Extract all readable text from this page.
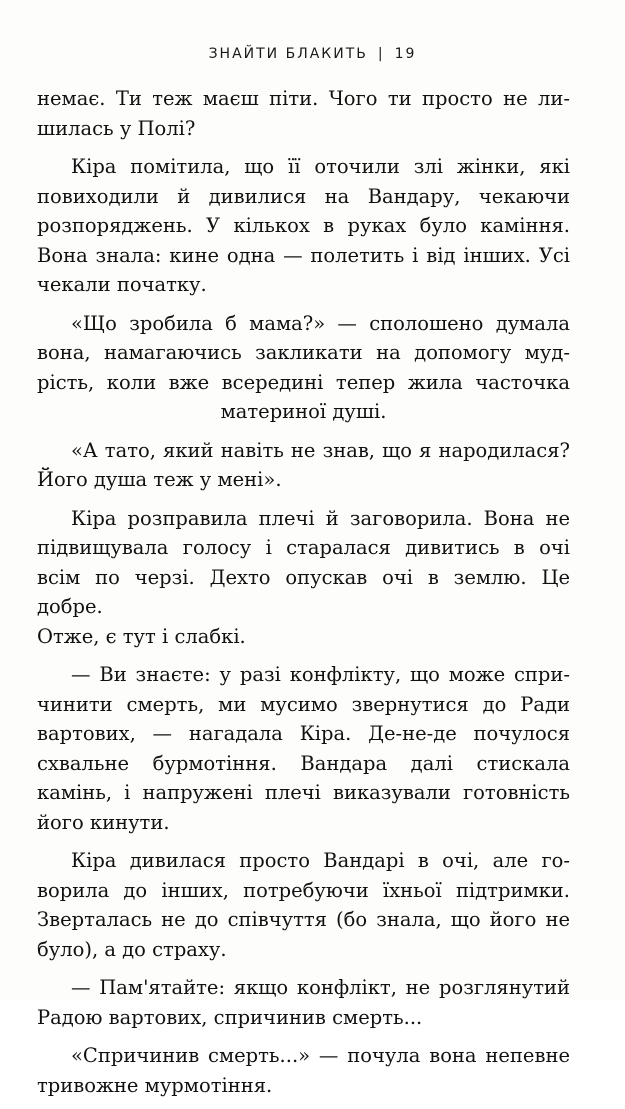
ЗНАЙТИ БЛАКИТЬ | 19
немає. Ти теж маєш піти. Чого ти просто не ли-
шилась у Полі?
Кіра помітила, що її оточили злі жінки, які
повиходили й дивилися на Вандару, чекаючи
розпоряджень. У кількох в руках було каміння.
Вона знала: кине одна — полетить і від інших. Усі
чекали початку.
«Що зробила б мама?» — сполошено думала
вона, намагаючись закликати на допомогу муд-
рість, коли вже всередині тепер жила часточка
материної душі.
«А тато, який навіть не знав, що я народилася?
Його душа теж у мені».
Кіра розправила плечі й заговорила. Вона не
підвищувала голосу і старалася дивитись в очі
всім по черзі. Дехто опускав очі в землю. Це добре.
Отже, є тут і слабкі.
— Ви знаєте: у разі конфлікту, що може спри-
чинити смерть, ми мусимо звернутися до Ради
вартових, — нагадала Кіра. Де-не-де почулося
схвальне бурмотіння. Вандара далі стискала
камінь, і напружені плечі виказували готовність
його кинути.
Кіра дивилася просто Вандарі в очі, але го-
ворила до інших, потребуючи їхньої підтримки.
Зверталась не до співчуття (бо знала, що його не
було), а до страху.
— Пам'ятайте: якщо конфлікт, не розглянутий
Радою вартових, спричинив смерть...
«Спричинив смерть...» — почула вона непевне
тривожне мурмотіння.
